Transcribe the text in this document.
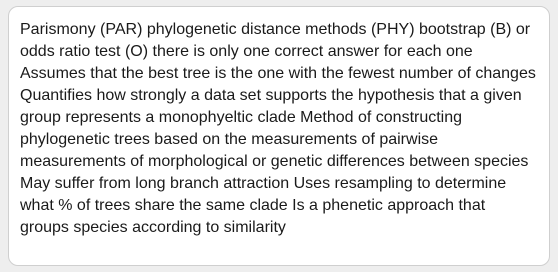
Parismony (PAR) phylogenetic distance methods (PHY) bootstrap (B) or odds ratio test (O) there is only one correct answer for each one Assumes that the best tree is the one with the fewest number of changes Quantifies how strongly a data set supports the hypothesis that a given group represents a monophyeltic clade Method of constructing phylogenetic trees based on the measurements of pairwise measurements of morphological or genetic differences between species May suffer from long branch attraction Uses resampling to determine what % of trees share the same clade Is a phenetic approach that groups species according to similarity
